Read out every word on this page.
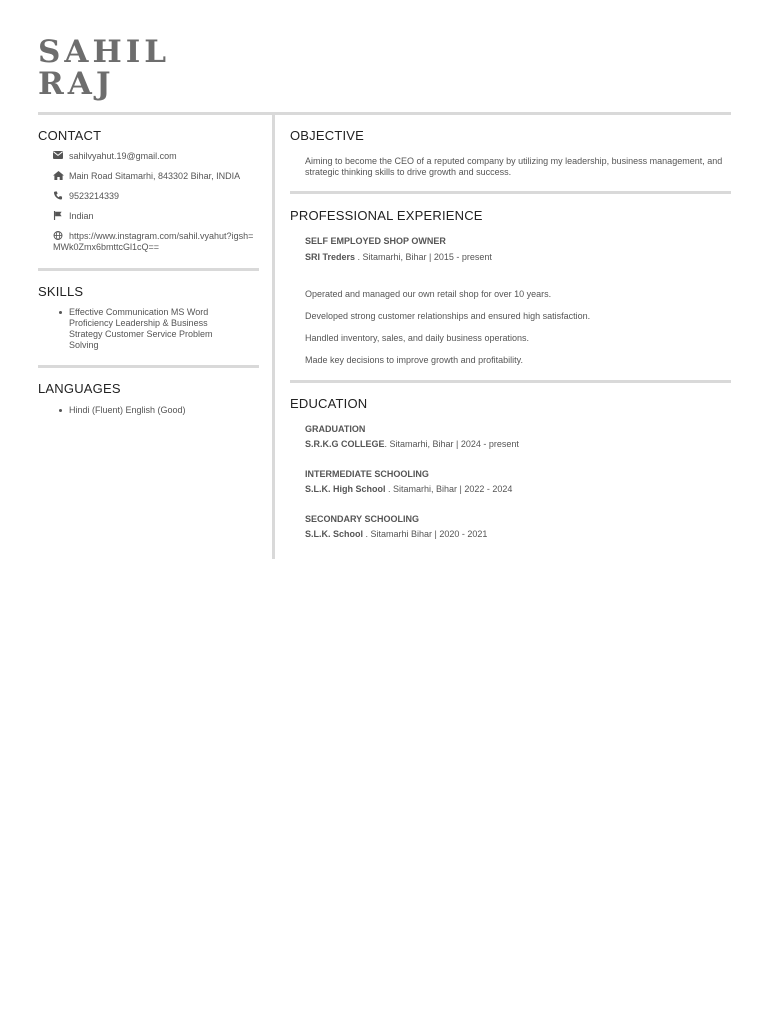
SAHIL
RAJ
CONTACT
sahilvyahut.19@gmail.com
Main Road Sitamarhi, 843302 Bihar, INDIA
9523214339
Indian
https://www.instagram.com/sahil.vyahut?igsh=MWk0Zmx6bmttcGl1cQ==
SKILLS
Effective Communication MS Word Proficiency Leadership & Business Strategy Customer Service Problem Solving
LANGUAGES
Hindi (Fluent) English (Good)
OBJECTIVE
Aiming to become the CEO of a reputed company by utilizing my leadership, business management, and strategic thinking skills to drive growth and success.
PROFESSIONAL EXPERIENCE
SELF EMPLOYED SHOP OWNER
SRI Treders . Sitamarhi, Bihar | 2015 - present
Operated and managed our own retail shop for over 10 years.
Developed strong customer relationships and ensured high satisfaction.
Handled inventory, sales, and daily business operations.
Made key decisions to improve growth and profitability.
EDUCATION
GRADUATION
S.R.K.G COLLEGE. Sitamarhi, Bihar | 2024 - present
INTERMEDIATE SCHOOLING
S.L.K. High School . Sitamarhi, Bihar | 2022 - 2024
SECONDARY SCHOOLING
S.L.K. School . Sitamarhi Bihar | 2020 - 2021
